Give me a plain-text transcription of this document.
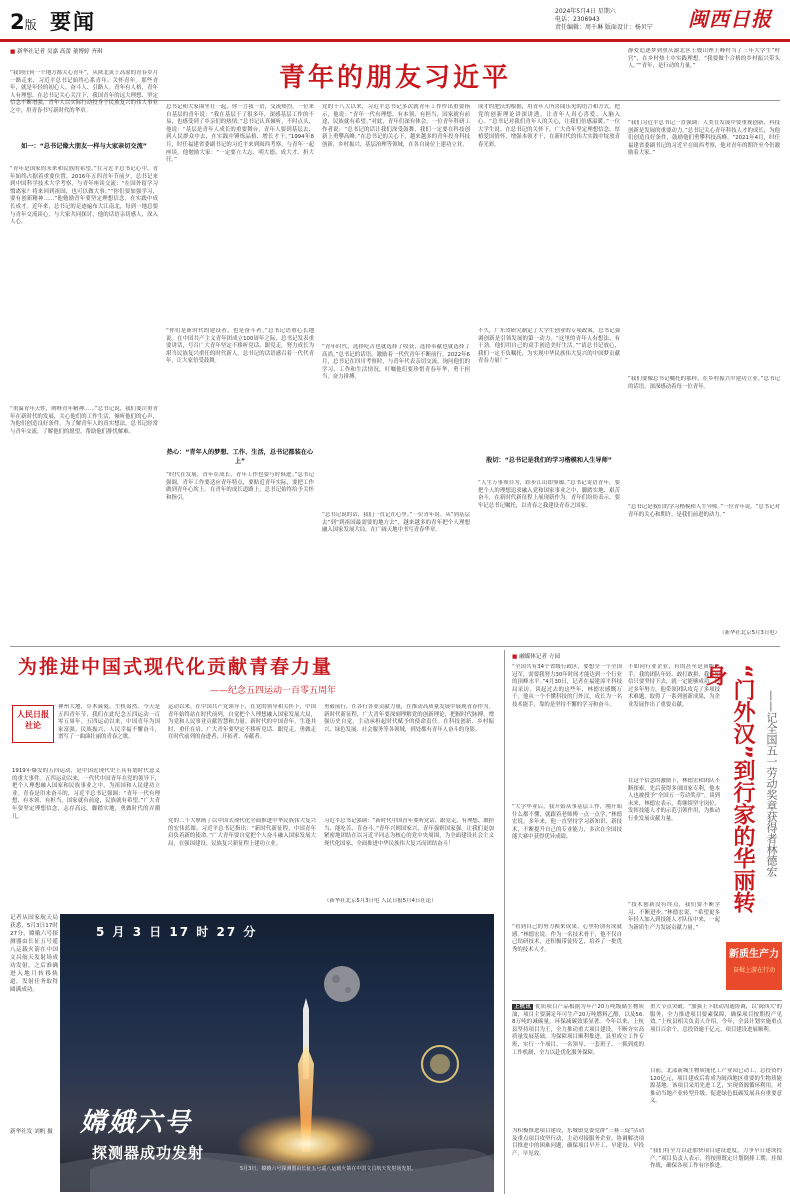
2版 要闻	2024年5月4日 星期六
电话：2306943
责任编辑：周千琳 版面设计：杨贝宁 闽西日报
■ 新华社记者 吴嘉 高蕾 董博婷 齐琪
青年的朋友习近平
“我到任何一个地方都关心青年”，从陕北黄土高原的青春岁月一路走来，习近平总书记始终心系青年、关怀青年。那些青年，就是年轻的初心人、奋斗人、引路人。青年有人格，青年人有理想。在总书记关心关注下，我国青年的远大理想、坚定信念不断增强，青年人以实际行动投身于民族复兴的伟大事业之中，用青春书写新时代的华章。
如一：“总书记像大朋友一样与大家亲切交流”
“青年是国家的未来和民族的希望。”在习近平总书记心中，青年始终占据着重要位置。2016年五四青年节前夕，总书记来到中国科学技术大学考察，与青年座谈交流：“在国外留学习惯离家？将来回到祖国，也可以做大事。”“你们要加强学习，要有创新精神……”他勉励青年要坚定理想信念，在实践中成长成才。近年来，总书记的足迹遍布大江南北，每到一地总要与青年交流谈心，与大家共同探讨，他的话语亲切感人，深入人心。
“重温青年天性，阐释青年精神……”总书记说，我们要注重青年在新时代的发展，关心他们的工作生活，倾听他们的心声，为他们创造良好条件。为了解青年人的真实想法，总书记经常与青年交流，了解他们的愿望，帮助他们排忧解难。
总书记和大家围坐在一起，你一言我一语，交流热烈。一位来自基层的青年说：“我在基层干了很多年，深感基层工作的不易，也感受到了乡亲们的热情。”总书记认真倾听，不时点头，他说：“基层是青年人成长的重要舞台，青年人要到基层去、到人民群众中去，在实践中锤炼品格、增长才干。”1994年8月，时任福建省委副书记的习近平来到闽西考察，与青年一起座谈。他勉励大家：“一定要立大志、明大德、成大才、担大任。”
“你们是新时代的建设者，也是奋斗者。”总书记语重心长地说。在中国共产主义青年团成立100周年之际，总书记发表重要讲话，号召广大青年坚定不移听党话、跟党走，努力成长为堪当民族复兴重任的时代新人。总书记的话语感召着一代代青年，让大家倍受鼓舞。
热心：“青年人的梦想、工作、生活，总书记都装在心上”
“时代在发展，青年在成长，青年工作也要与时俱进。”总书记强调，青年工作要适应青年特点，要贴近青年实际，要把工作做到青年心坎上。在青年的成长道路上，总书记始终给予关怀和指引。
党的十八大以来，习近平总书记多次就青年工作作出重要指示，他说：“青年一代有理想、有本领、有担当，国家就有前途，民族就有希望。”对此，青年们深有体会。一位青年科研工作者说：“总书记的话让我们深受鼓舞，我们一定要在科技创新上勇攀高峰。”在总书记的关心下，越来越多的青年投身科技创新、乡村振兴、基层治理等领域，在各自岗位上建功立业。
“青年时代，选择吃苦也就选择了收获，选择奉献也就选择了高尚。”总书记的话语，激励着一代代青年不断前行。2022年6月，总书记在四川考察时，与青年代表亲切交流，询问他们的学习、工作和生活情况，叮嘱他们要珍惜青春年华，勇于担当，奋力拼搏。
“总书记说的话，我们一直记在心里。”一位青年说。从“到基层去”到“到祖国最需要的地方去”，越来越多的青年把个人理想融入国家发展大局，在广阔天地中书写青春华章。
成才的肥沃的根据，用青年人所喜闻乐见的语言和方式，把党的创新理论讲深讲透，让青年人真心喜爱、入脑入心。“总书记对我们青年人的关心，让我们倍感温暖。”一位大学生说。在总书记的关怀下，广大青年坚定理想信念，厚植爱国情怀，增强本领才干，在新时代的伟大实践中绽放青春光彩。
不久，广东省研究制定了大学生创业的专项政策，总书记强调创新是引领发展的第一动力。“这里的青年人有想法、有干劲，他们用自己的双手创造美好生活。”“请总书记放心，我们一定不负嘱托，为实现中华民族伟大复兴的中国梦贡献青春力量！”
殷切：“总书记是我们的学习楷模和人生导师”
“人生万事须自为，跬步江山即寥廓。”总书记寄语青年，要把个人的理想追求融入党和国家事业之中，脚踏实地、艰苦奋斗，在新时代新征程上展现新作为。青年们纷纷表示，要牢记总书记嘱托，以青春之我建设青春之国家。
静爱追逐梦到重庆渝北区王嫂山锂王峰村当了三年大学生“村官”，在乡村热土中实践理想。“我要做个合格的乡村振兴带头人。”“青年，是行动的力量。”
“我们习近平总书记一直强调：人类在发展中要重视创新，科技创新是发展的重要动力。”总书记关心青年科技人才的成长，为他们创造良好条件，鼓励他们勇攀科技高峰。“2021年4月，时任福建省委副书记的习近平在闽西考察，他对青年的期许至今仍激励着大家。”
“我们要像总书记嘱托的那样，在乡村振兴中建功立业。”总书记的话语，深深感动着每一位青年。
“总书记是我们的学习楷模和人生导师。”一位青年说。“总书记对青年的关心和期许，是我们前进的动力。”
（新华社北京5月3日电）
为推进中国式现代化贡献青春力量
——纪念五四运动一百零五周年
人民日报社论
神州大地，草木葳蕤，生机盎然。今天是五四青年节，我们在此纪念五四运动一百零五周年。五四运动以来，中国青年为国家富强、民族振兴、人民幸福不懈奋斗，谱写了一曲曲壮丽的青春之歌。
1919年爆发的五四运动，是中国近现代史上具有划时代意义的重大事件。五四运动以来，一代代中国青年在党的领导下，把个人理想融入国家和民族事业之中，为祖国和人民建功立业。青春是用来奋斗的，习近平总书记强调：“青年一代有理想、有本领、有担当，国家就有前途，民族就有希望。”广大青年要坚定理想信念，志存高远，脚踏实地，勇做时代的弄潮儿。
运动以来，在中国共产党领导下，在党的领导和关怀下，中国青年始终站在时代前列，自觉把个人理想融入国家发展大局，为党和人民事业贡献智慧和力量。新时代的中国青年，生逢其时，重任在肩。广大青年要坚定不移听党话、跟党走，勇做走在时代前列的奋进者、开拓者、奉献者。
党的二十大擘画了以中国式现代化全面推进中华民族伟大复兴的宏伟蓝图。习近平总书记指出：“新时代新征程，中国青年肩负着新的使命。”广大青年要自觉把个人奋斗融入国家发展大局，在强国建设、民族复兴新征程上建功立业。
勇毅前行，在各行各业贡献力量，在推动高质量发展中展现青春作为。新时代新征程，广大青年要深刻理解党的创新理论，把握时代脉搏，增强历史自觉，主动承担起时代赋予的使命责任。在科技创新、乡村振兴、绿色发展、社会服务等各领域，到处都有青年人奋斗的身影。
习近平总书记强调：“新时代中国青年要听党话、跟党走，有理想、敢担当、能吃苦、肯奋斗。”青年兴则国家兴，青年强则国家强。让我们更加紧密地团结在以习近平同志为核心的党中央周围，为全面建设社会主义现代化国家、全面推进中华民族伟大复兴而团结奋斗！
（新华社北京5月3日电 人民日报5月4日社论）
记者从国家航天局获悉，5月3日17时27分，嫦娥六号探测器由长征五号遥八运载火箭在中国文昌航天发射场成功发射，之后准确进入地月转移轨道，发射任务取得圆满成功。
新华社发 刘帆 摄
5 月 3 日 17 时 27 分
嫦娥六号
探测器成功发射
5月3日，嫦娥六号探测器由长征五号遥八运载火箭在中国文昌航天发射场发射。
■ 融媒体记者 方园
“全国共有34个省级行政区，要想全一个全国冠军，需要我努力30年时间才能达到一个行业的顶峰水平。”4月30日，记者在福建漳平科技局采访，谈起过去的这些年，林德宏感慨万千。他从一个不懂科技的门外汉，成长为一名技术能手，靠的是坚持不懈的学习和奋斗。
“大学毕业后，我开始从事基层工作，刚开始什么都不懂，就跟着老师傅一点一点学。”林德宏说。多年来，他一直坚持学习新知识、新技术，不断提升自己的专业能力，多次在全国技能大赛中获得优异成绩。
“看到自己的努力换来成果，心里特别有成就感。”林德宏说。作为一名技术骨干，他不仅自己钻研技术，还积极带徒传艺，培养了一批优秀的技术人才。
不如同行业企业，有的甚至是顶级高手。我的团队年轻、敢打敢拼，我们相信只要坚持下去，就一定能够成功。经过多年努力，他带领团队攻克了多项技术难题，取得了一系列创新成果，为企业发展作出了重要贡献。
在这个信念的激励下，林德宏和团队不断探索，先后获得多项国家专利，他本人也被授予“全国五一劳动奖章”。谈到未来，林德宏表示，将继续坚守岗位，发挥技能人才的示范引领作用，为推动行业发展贡献力量。
“技术创新没有终点，我们要不断学习、不断进步。”林德宏说，“希望更多年轻人加入到技能人才队伍中来，一起为新质生产力发展贡献力量。”
“门外汉”到行家的华丽转身
——记全国五一劳动奖章获得者林德宏
新质生产力
奋楫上游在行动
上杭讯 优质项目产品根据为年产20万吨级储生物质油，项目主要满足年可生产20万吨燃料乙醇，以及56.8万吨的减碳量，环保减碳效果显著。今年以来，上杭县坚持项目为王，全力推动重大项目建设，不断夯实高质量发展基础。为保障项目顺利推进，县里成立工作专班，实行一个项目、一名领导、一套班子、一抓到底的工作机制，全力以赴优化服务保障。
为积极推进项目建设，东城镇党委党群“三赛三促”活动及重点项目攻坚行动，主动对接服务企业，协调解决项目推进中的困难问题，确保项目早开工、早建设、早投产、早见效。
重大节点突破。“加强上下联动沟通协调，以‘闽西大’的服务，全力推进项目要素保障，确保项目按期投产见效。”上杭县相关负责人介绍，今年，全县计划实施重点项目百余个，总投资逾千亿元，项目建设进展顺利。
目前，北部新城生物质能化工产业园已动工，总投资约120亿元，项目建成后将成为闽西地区重要的生物质能源基地。该项目采用先进工艺，实现资源循环利用，对推动当地产业转型升级、促进绿色低碳发展具有重要意义。
“我们将全力以赴加快项目建设进度，力争早日建成投产。”项目负责人表示，将按照既定计划倒排工期，挂图作战，确保各项工作有序推进。
